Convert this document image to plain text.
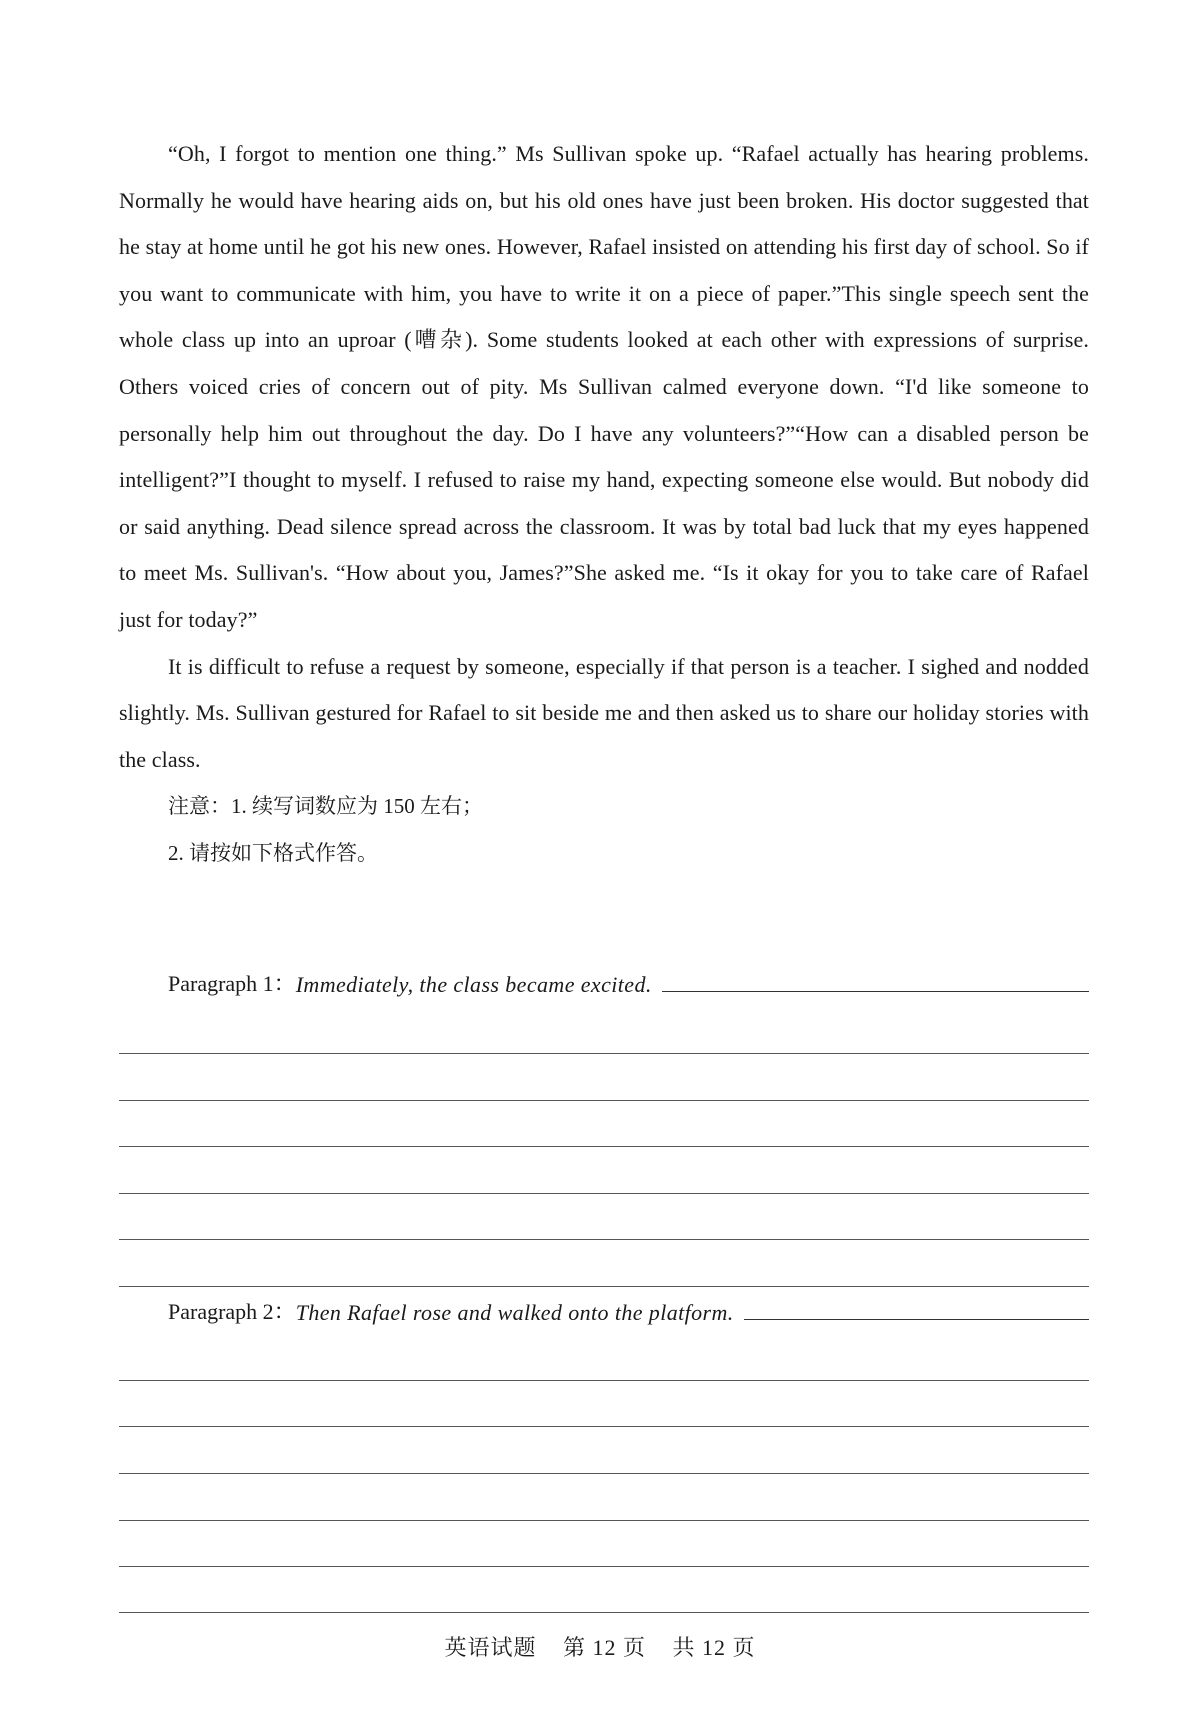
“Oh, I forgot to mention one thing.” Ms Sullivan spoke up. “Rafael actually has hearing problems. Normally he would have hearing aids on, but his old ones have just been broken. His doctor suggested that he stay at home until he got his new ones. However, Rafael insisted on attending his first day of school. So if you want to communicate with him, you have to write it on a piece of paper.”This single speech sent the whole class up into an uproar (嘈杂). Some students looked at each other with expressions of surprise. Others voiced cries of concern out of pity. Ms Sullivan calmed everyone down. “I'd like someone to personally help him out throughout the day. Do I have any volunteers?”“How can a disabled person be intelligent?”I thought to myself. I refused to raise my hand, expecting someone else would. But nobody did or said anything. Dead silence spread across the classroom. It was by total bad luck that my eyes happened to meet Ms. Sullivan's. “How about you, James?”She asked me. “Is it okay for you to take care of Rafael just for today?”

It is difficult to refuse a request by someone, especially if that person is a teacher. I sighed and nodded slightly. Ms. Sullivan gestured for Rafael to sit beside me and then asked us to share our holiday stories with the class.

注意：1. 续写词数应为 150 左右；

2. 请按如下格式作答。

Paragraph 1： Immediately, the class became excited.
Paragraph 2： Then Rafael rose and walked onto the platform.
英语试题 第 12 页 共 12 页
